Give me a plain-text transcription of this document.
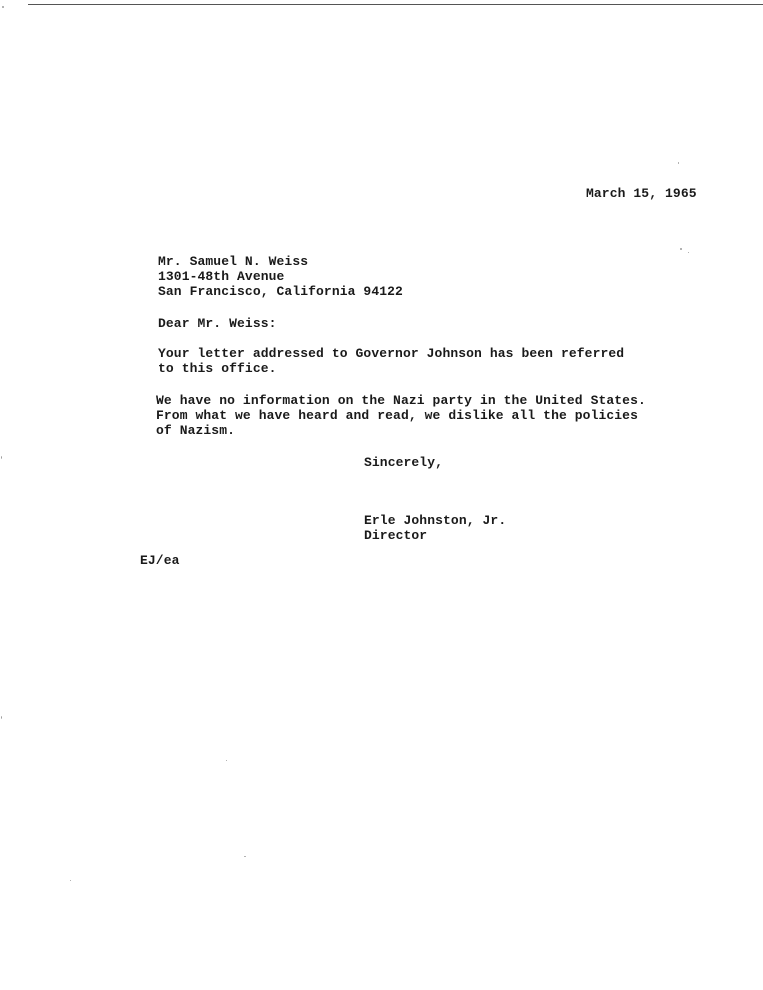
March 15, 1965
Mr. Samuel N. Weiss
1301-48th Avenue
San Francisco, California 94122
Dear Mr. Weiss:
Your letter addressed to Governor Johnson has been referred
to this office.
We have no information on the Nazi party in the United States.
From what we have heard and read, we dislike all the policies
of Nazism.
Sincerely,
Erle Johnston, Jr.
Director
EJ/ea
